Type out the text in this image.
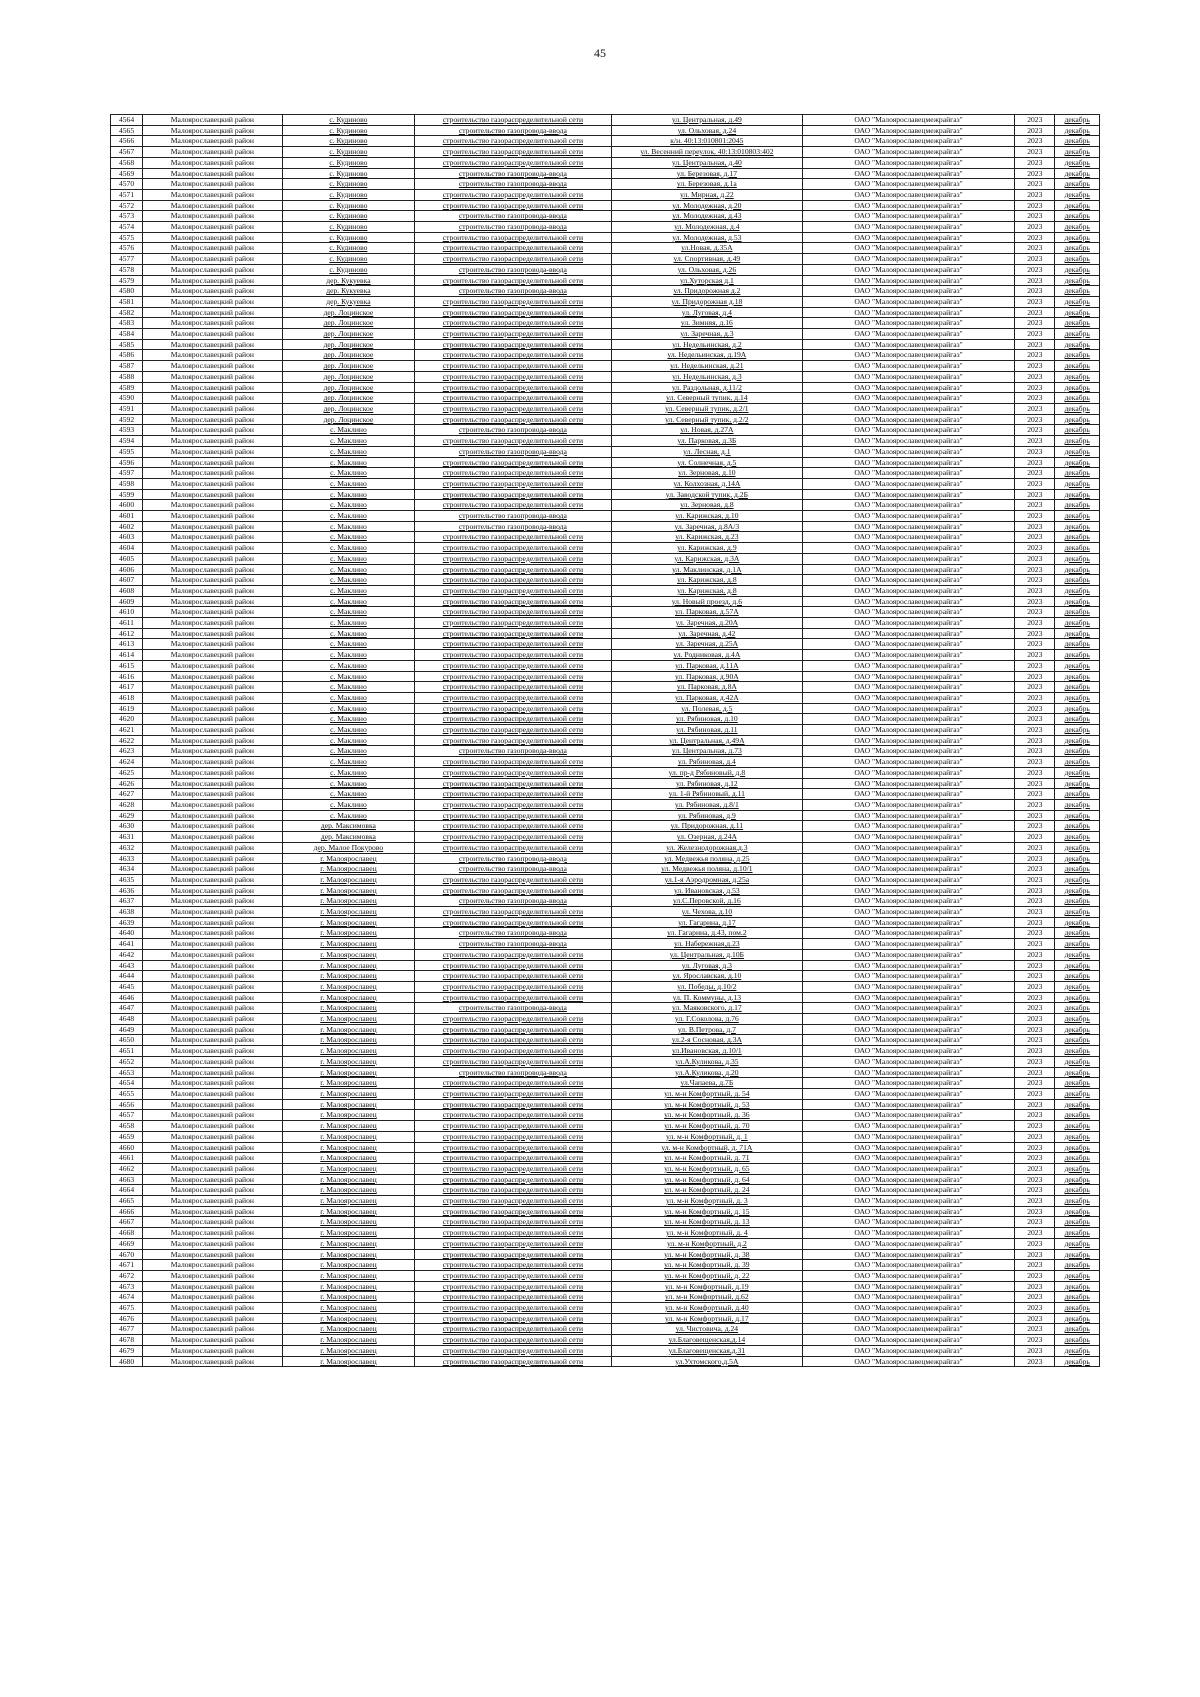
45
4564	Малоярославецкий район	с. Кудиново	строительство газораспределительной сети	ул. Центральная, д.49	ОАО "Малоярославецмежрайгаз"	2023	декабрь
4565	Малоярославецкий район	с. Кудиново	строительство газопровода-ввода	ул. Ольховая, д.24	ОАО "Малоярославецмежрайгаз"	2023	декабрь
4566	Малоярославецкий район	с. Кудиново	строительство газораспределительной сети	к/н. 40:13:010801:2045	ОАО "Малоярославецмежрайгаз"	2023	декабрь
4567	Малоярославецкий район	с. Кудиново	строительство газораспределительной сети	ул. Весенний переулок, 40:13:010803:402	ОАО "Малоярославецмежрайгаз"	2023	декабрь
4568	Малоярославецкий район	с. Кудиново	строительство газораспределительной сети	ул. Центральная, д.40	ОАО "Малоярославецмежрайгаз"	2023	декабрь
4569	Малоярославецкий район	с. Кудиново	строительство газопровода-ввода	ул. Березовая, д.17	ОАО "Малоярославецмежрайгаз"	2023	декабрь
4570	Малоярославецкий район	с. Кудиново	строительство газопровода-ввода	ул. Березовая, д.1а	ОАО "Малоярославецмежрайгаз"	2023	декабрь
4571	Малоярославецкий район	с. Кудиново	строительство газораспределительной сети	ул. Мирная, д.22	ОАО "Малоярославецмежрайгаз"	2023	декабрь
4572	Малоярославецкий район	с. Кудиново	строительство газораспределительной сети	ул. Молодежная, д.20	ОАО "Малоярославецмежрайгаз"	2023	декабрь
4573	Малоярославецкий район	с. Кудиново	строительство газопровода-ввода	ул. Молодежная, д.43	ОАО "Малоярославецмежрайгаз"	2023	декабрь
4574	Малоярославецкий район	с. Кудиново	строительство газопровода-ввода	ул. Молодежная, д.4	ОАО "Малоярославецмежрайгаз"	2023	декабрь
4575	Малоярославецкий район	с. Кудиново	строительство газораспределительной сети	ул. Молодежная, д.53	ОАО "Малоярославецмежрайгаз"	2023	декабрь
4576	Малоярославецкий район	с. Кудиново	строительство газораспределительной сети	ул.Новая, д.35А	ОАО "Малоярославецмежрайгаз"	2023	декабрь
4577	Малоярославецкий район	с. Кудиново	строительство газораспределительной сети	ул. Спортивная, д.49	ОАО "Малоярославецмежрайгаз"	2023	декабрь
4578	Малоярославецкий район	с. Кудиново	строительство газопровода-ввода	ул. Ольховая, д.26	ОАО "Малоярославецмежрайгаз"	2023	декабрь
4579	Малоярославецкий район	дер. Кукуевка	строительство газораспределительной сети	ул.Хуторская д.1	ОАО "Малоярославецмежрайгаз"	2023	декабрь
4580	Малоярославецкий район	дер. Кукуевка	строительство газопровода-ввода	ул. Придорожная д.2	ОАО "Малоярославецмежрайгаз"	2023	декабрь
4581	Малоярославецкий район	дер. Кукуевка	строительство газораспределительной сети	ул. Придорожная д.18	ОАО "Малоярославецмежрайгаз"	2023	декабрь
4582	Малоярославецкий район	дер. Лоцинское	строительство газораспределительной сети	ул. Луговая, д.4	ОАО "Малоярославецмежрайгаз"	2023	декабрь
4583	Малоярославецкий район	дер. Лоцинское	строительство газораспределительной сети	ул. Зимняя, д.16	ОАО "Малоярославецмежрайгаз"	2023	декабрь
4584	Малоярославецкий район	дер. Лоцинское	строительство газораспределительной сети	ул. Заречная, д.3	ОАО "Малоярославецмежрайгаз"	2023	декабрь
4585	Малоярославецкий район	дер. Лоцинское	строительство газораспределительной сети	ул. Недельинская, д.2	ОАО "Малоярославецмежрайгаз"	2023	декабрь
4586	Малоярославецкий район	дер. Лоцинское	строительство газораспределительной сети	ул. Недельинская, д.19А	ОАО "Малоярославецмежрайгаз"	2023	декабрь
4587	Малоярославецкий район	дер. Лоцинское	строительство газораспределительной сети	ул. Недельинская, д.21	ОАО "Малоярославецмежрайгаз"	2023	декабрь
4588	Малоярославецкий район	дер. Лоцинское	строительство газораспределительной сети	ул. Недельинская, д.3	ОАО "Малоярославецмежрайгаз"	2023	декабрь
4589	Малоярославецкий район	дер. Лоцинское	строительство газораспределительной сети	ул. Раздольная, д.11/2	ОАО "Малоярославецмежрайгаз"	2023	декабрь
4590	Малоярославецкий район	дер. Лоцинское	строительство газораспределительной сети	ул. Северный тупик, д.14	ОАО "Малоярославецмежрайгаз"	2023	декабрь
4591	Малоярославецкий район	дер. Лоцинское	строительство газораспределительной сети	ул. Северный тупик, д.2/1	ОАО "Малоярославецмежрайгаз"	2023	декабрь
4592	Малоярославецкий район	дер. Лоцинское	строительство газораспределительной сети	ул. Северный тупик, д.2/2	ОАО "Малоярославецмежрайгаз"	2023	декабрь
4593	Малоярославецкий район	с. Маклино	строительство газопровода-ввода	ул. Новая, д.27А	ОАО "Малоярославецмежрайгаз"	2023	декабрь
4594	Малоярославецкий район	с. Маклино	строительство газораспределительной сети	ул. Парковая, д.3Б	ОАО "Малоярославецмежрайгаз"	2023	декабрь
4595	Малоярославецкий район	с. Маклино	строительство газопровода-ввода	ул. Лесная, д.1	ОАО "Малоярославецмежрайгаз"	2023	декабрь
4596	Малоярославецкий район	с. Маклино	строительство газораспределительной сети	ул. Солнечная, д.5	ОАО "Малоярославецмежрайгаз"	2023	декабрь
4597	Малоярославецкий район	с. Маклино	строительство газораспределительной сети	ул. Зерновая, д.10	ОАО "Малоярославецмежрайгаз"	2023	декабрь
4598	Малоярославецкий район	с. Маклино	строительство газораспределительной сети	ул. Колхозная, д.14А	ОАО "Малоярославецмежрайгаз"	2023	декабрь
4599	Малоярославецкий район	с. Маклино	строительство газораспределительной сети	ул. Заводской тупик, д.2Б	ОАО "Малоярославецмежрайгаз"	2023	декабрь
4600	Малоярославецкий район	с. Маклино	строительство газораспределительной сети	ул. Зерновая, д.8	ОАО "Малоярославецмежрайгаз"	2023	декабрь
4601	Малоярославецкий район	с. Маклино	строительство газопровода-ввода	ул. Карижская, д.10	ОАО "Малоярославецмежрайгаз"	2023	декабрь
4602	Малоярославецкий район	с. Маклино	строительство газопровода-ввода	ул. Заречная, д.8А/3	ОАО "Малоярославецмежрайгаз"	2023	декабрь
4603	Малоярославецкий район	с. Маклино	строительство газораспределительной сети	ул. Карижская, д.23	ОАО "Малоярославецмежрайгаз"	2023	декабрь
4604	Малоярославецкий район	с. Маклино	строительство газораспределительной сети	ул. Карижская, д.9	ОАО "Малоярославецмежрайгаз"	2023	декабрь
4605	Малоярославецкий район	с. Маклино	строительство газораспределительной сети	ул. Карижская, д.3А	ОАО "Малоярославецмежрайгаз"	2023	декабрь
4606	Малоярославецкий район	с. Маклино	строительство газораспределительной сети	ул. Маклинская, д.1А	ОАО "Малоярославецмежрайгаз"	2023	декабрь
4607	Малоярославецкий район	с. Маклино	строительство газораспределительной сети	ул. Карижская, д.8	ОАО "Малоярославецмежрайгаз"	2023	декабрь
4608	Малоярославецкий район	с. Маклино	строительство газораспределительной сети	ул. Карижская, д.8	ОАО "Малоярославецмежрайгаз"	2023	декабрь
4609	Малоярославецкий район	с. Маклино	строительство газораспределительной сети	ул. Новый проезд, д.6	ОАО "Малоярославецмежрайгаз"	2023	декабрь
4610	Малоярославецкий район	с. Маклино	строительство газораспределительной сети	ул. Парковая, д.57А	ОАО "Малоярославецмежрайгаз"	2023	декабрь
4611	Малоярославецкий район	с. Маклино	строительство газораспределительной сети	ул. Заречная, д.20А	ОАО "Малоярославецмежрайгаз"	2023	декабрь
4612	Малоярославецкий район	с. Маклино	строительство газораспределительной сети	ул. Заречная, д.42	ОАО "Малоярославецмежрайгаз"	2023	декабрь
4613	Малоярославецкий район	с. Маклино	строительство газораспределительной сети	ул. Заречная, д.25А	ОАО "Малоярославецмежрайгаз"	2023	декабрь
4614	Малоярославецкий район	с. Маклино	строительство газораспределительной сети	ул. Родниковая, д.4А	ОАО "Малоярославецмежрайгаз"	2023	декабрь
4615	Малоярославецкий район	с. Маклино	строительство газораспределительной сети	ул. Парковая, д.11А	ОАО "Малоярославецмежрайгаз"	2023	декабрь
4616	Малоярославецкий район	с. Маклино	строительство газораспределительной сети	ул. Парковая, д.90А	ОАО "Малоярославецмежрайгаз"	2023	декабрь
4617	Малоярославецкий район	с. Маклино	строительство газораспределительной сети	ул. Парковая, д.8А	ОАО "Малоярославецмежрайгаз"	2023	декабрь
4618	Малоярославецкий район	с. Маклино	строительство газораспределительной сети	ул. Парковая, д.42А	ОАО "Малоярославецмежрайгаз"	2023	декабрь
4619	Малоярославецкий район	с. Маклино	строительство газораспределительной сети	ул. Полевая, д.5	ОАО "Малоярославецмежрайгаз"	2023	декабрь
4620	Малоярославецкий район	с. Маклино	строительство газораспределительной сети	ул. Рябиновая, д.10	ОАО "Малоярославецмежрайгаз"	2023	декабрь
4621	Малоярославецкий район	с. Маклино	строительство газораспределительной сети	ул. Рябиновая, д.11	ОАО "Малоярославецмежрайгаз"	2023	декабрь
4622	Малоярославецкий район	с. Маклино	строительство газораспределительной сети	ул. Центральная, д.49А	ОАО "Малоярославецмежрайгаз"	2023	декабрь
4623	Малоярославецкий район	с. Маклино	строительство газопровода-ввода	ул. Центральная, д.73	ОАО "Малоярославецмежрайгаз"	2023	декабрь
4624	Малоярославецкий район	с. Маклино	строительство газораспределительной сети	ул. Рябиновая, д.4	ОАО "Малоярославецмежрайгаз"	2023	декабрь
4625	Малоярославецкий район	с. Маклино	строительство газораспределительной сети	ул. пр-д Рябиновый, д.8	ОАО "Малоярославецмежрайгаз"	2023	декабрь
4626	Малоярославецкий район	с. Маклино	строительство газораспределительной сети	ул. Рябиновая, д.12	ОАО "Малоярославецмежрайгаз"	2023	декабрь
4627	Малоярославецкий район	с. Маклино	строительство газораспределительной сети	ул. 1-й Рябиновый, д.11	ОАО "Малоярославецмежрайгаз"	2023	декабрь
4628	Малоярославецкий район	с. Маклино	строительство газораспределительной сети	ул. Рябиновая, д.8/1	ОАО "Малоярославецмежрайгаз"	2023	декабрь
4629	Малоярославецкий район	с. Маклино	строительство газораспределительной сети	ул. Рябиновая, д.9	ОАО "Малоярославецмежрайгаз"	2023	декабрь
4630	Малоярославецкий район	дер. Максимовка	строительство газораспределительной сети	ул. Придорожная, д.11	ОАО "Малоярославецмежрайгаз"	2023	декабрь
4631	Малоярославецкий район	дер. Максимовка	строительство газораспределительной сети	ул. Озерная, д.24А	ОАО "Малоярославецмежрайгаз"	2023	декабрь
4632	Малоярославецкий район	дер. Малое Покурово	строительство газораспределительной сети	ул. Железнодорожная,д.3	ОАО "Малоярославецмежрайгаз"	2023	декабрь
4633	Малоярославецкий район	г. Малоярославец	строительство газопровода-ввода	ул. Медвежья поляна, д.25	ОАО "Малоярославецмежрайгаз"	2023	декабрь
4634	Малоярославецкий район	г. Малоярославец	строительство газопровода-ввода	ул. Медвежья поляна, д.10/1	ОАО "Малоярославецмежрайгаз"	2023	декабрь
4635	Малоярославецкий район	г. Малоярославец	строительство газораспределительной сети	ул.1-я Аэродромная, д.25а	ОАО "Малоярославецмежрайгаз"	2023	декабрь
4636	Малоярославецкий район	г. Малоярославец	строительство газораспределительной сети	ул. Ивановская, д.53	ОАО "Малоярославецмежрайгаз"	2023	декабрь
4637	Малоярославецкий район	г. Малоярославец	строительство газопровода-ввода	ул.С.Перовской, д.16	ОАО "Малоярославецмежрайгаз"	2023	декабрь
4638	Малоярославецкий район	г. Малоярославец	строительство газораспределительной сети	ул. Чехова, д.10	ОАО "Малоярославецмежрайгаз"	2023	декабрь
4639	Малоярославецкий район	г. Малоярославец	строительство газораспределительной сети	ул. Гагарина, д.17	ОАО "Малоярославецмежрайгаз"	2023	декабрь
4640	Малоярославецкий район	г. Малоярославец	строительство газопровода-ввода	ул. Гагарина, д.43, пом.2	ОАО "Малоярославецмежрайгаз"	2023	декабрь
4641	Малоярославецкий район	г. Малоярославец	строительство газопровода-ввода	ул. Набережная,д.23	ОАО "Малоярославецмежрайгаз"	2023	декабрь
4642	Малоярославецкий район	г. Малоярославец	строительство газораспределительной сети	ул. Центральная, д.10Б	ОАО "Малоярославецмежрайгаз"	2023	декабрь
4643	Малоярославецкий район	г. Малоярославец	строительство газораспределительной сети	ул. Луговая, д.3	ОАО "Малоярославецмежрайгаз"	2023	декабрь
4644	Малоярославецкий район	г. Малоярославец	строительство газораспределительной сети	ул. Ярославская, д.10	ОАО "Малоярославецмежрайгаз"	2023	декабрь
4645	Малоярославецкий район	г. Малоярославец	строительство газораспределительной сети	ул. Победы, д.10/2	ОАО "Малоярославецмежрайгаз"	2023	декабрь
4646	Малоярославецкий район	г. Малоярославец	строительство газораспределительной сети	ул. П. Коммуны, д.13	ОАО "Малоярославецмежрайгаз"	2023	декабрь
4647	Малоярославецкий район	г. Малоярославец	строительство газопровода-ввода	ул. Маяковского, д.17	ОАО "Малоярославецмежрайгаз"	2023	декабрь
4648	Малоярославецкий район	г. Малоярославец	строительство газораспределительной сети	ул. Г.Соколова, д.76	ОАО "Малоярославецмежрайгаз"	2023	декабрь
4649	Малоярославецкий район	г. Малоярославец	строительство газораспределительной сети	ул. В.Петрова, д.7	ОАО "Малоярославецмежрайгаз"	2023	декабрь
4650	Малоярославецкий район	г. Малоярославец	строительство газораспределительной сети	ул.2-я Сосновая, д.3А	ОАО "Малоярославецмежрайгаз"	2023	декабрь
4651	Малоярославецкий район	г. Малоярославец	строительство газораспределительной сети	ул.Ивановская, д.10/1	ОАО "Малоярославецмежрайгаз"	2023	декабрь
4652	Малоярославецкий район	г. Малоярославец	строительство газораспределительной сети	ул.А.Куликова, д.35	ОАО "Малоярославецмежрайгаз"	2023	декабрь
4653	Малоярославецкий район	г. Малоярославец	строительство газопровода-ввода	ул.А.Куликова, д.20	ОАО "Малоярославецмежрайгаз"	2023	декабрь
4654	Малоярославецкий район	г. Малоярославец	строительство газораспределительной сети	ул.Чапаева, д.7Б	ОАО "Малоярославецмежрайгаз"	2023	декабрь
4655	Малоярославецкий район	г. Малоярославец	строительство газораспределительной сети	ул. м-н Комфортный, д. 54	ОАО "Малоярославецмежрайгаз"	2023	декабрь
4656	Малоярославецкий район	г. Малоярославец	строительство газораспределительной сети	ул. м-н Комфортный, д. 53	ОАО "Малоярославецмежрайгаз"	2023	декабрь
4657	Малоярославецкий район	г. Малоярославец	строительство газораспределительной сети	ул. м-н Комфортный, д. 36	ОАО "Малоярославецмежрайгаз"	2023	декабрь
4658	Малоярославецкий район	г. Малоярославец	строительство газораспределительной сети	ул. м-н Комфортный, д. 70	ОАО "Малоярославецмежрайгаз"	2023	декабрь
4659	Малоярославецкий район	г. Малоярославец	строительство газораспределительной сети	ул. м-н Комфортный, д. 1	ОАО "Малоярославецмежрайгаз"	2023	декабрь
4660	Малоярославецкий район	г. Малоярославец	строительство газораспределительной сети	ул. м-н Комфортный, д. 71А	ОАО "Малоярославецмежрайгаз"	2023	декабрь
4661	Малоярославецкий район	г. Малоярославец	строительство газораспределительной сети	ул. м-н Комфортный, д. 71	ОАО "Малоярославецмежрайгаз"	2023	декабрь
4662	Малоярославецкий район	г. Малоярославец	строительство газораспределительной сети	ул. м-н Комфортный, д. 65	ОАО "Малоярославецмежрайгаз"	2023	декабрь
4663	Малоярославецкий район	г. Малоярославец	строительство газораспределительной сети	ул. м-н Комфортный, д. 64	ОАО "Малоярославецмежрайгаз"	2023	декабрь
4664	Малоярославецкий район	г. Малоярославец	строительство газораспределительной сети	ул. м-н Комфортный, д. 24	ОАО "Малоярославецмежрайгаз"	2023	декабрь
4665	Малоярославецкий район	г. Малоярославец	строительство газораспределительной сети	ул. м-н Комфортный, д. 3	ОАО "Малоярославецмежрайгаз"	2023	декабрь
4666	Малоярославецкий район	г. Малоярославец	строительство газораспределительной сети	ул. м-н Комфортный, д. 15	ОАО "Малоярославецмежрайгаз"	2023	декабрь
4667	Малоярославецкий район	г. Малоярославец	строительство газораспределительной сети	ул. м-н Комфортный, д. 13	ОАО "Малоярославецмежрайгаз"	2023	декабрь
4668	Малоярославецкий район	г. Малоярославец	строительство газораспределительной сети	ул. м-н Комфортный, д. 4	ОАО "Малоярославецмежрайгаз"	2023	декабрь
4669	Малоярославецкий район	г. Малоярославец	строительство газораспределительной сети	ул. м-н Комфортный, д.2	ОАО "Малоярославецмежрайгаз"	2023	декабрь
4670	Малоярославецкий район	г. Малоярославец	строительство газораспределительной сети	ул. м-н Комфортный, д. 38	ОАО "Малоярославецмежрайгаз"	2023	декабрь
4671	Малоярославецкий район	г. Малоярославец	строительство газораспределительной сети	ул. м-н Комфортный, д. 39	ОАО "Малоярославецмежрайгаз"	2023	декабрь
4672	Малоярославецкий район	г. Малоярославец	строительство газораспределительной сети	ул. м-н Комфортный, д. 22	ОАО "Малоярославецмежрайгаз"	2023	декабрь
4673	Малоярославецкий район	г. Малоярославец	строительство газораспределительной сети	ул. м-н Комфортный, д.19	ОАО "Малоярославецмежрайгаз"	2023	декабрь
4674	Малоярославецкий район	г. Малоярославец	строительство газораспределительной сети	ул. м-н Комфортный, д.62	ОАО "Малоярославецмежрайгаз"	2023	декабрь
4675	Малоярославецкий район	г. Малоярославец	строительство газораспределительной сети	ул. м-н Комфортный, д.40	ОАО "Малоярославецмежрайгаз"	2023	декабрь
4676	Малоярославецкий район	г. Малоярославец	строительство газораспределительной сети	ул. м-н Комфортный, д.17	ОАО "Малоярославецмежрайгаз"	2023	декабрь
4677	Малоярославецкий район	г. Малоярославец	строительство газораспределительной сети	ул. Чистовича, д.24	ОАО "Малоярославецмежрайгаз"	2023	декабрь
4678	Малоярославецкий район	г. Малоярославец	строительство газораспределительной сети	ул.Благовещенская,д.14	ОАО "Малоярославецмежрайгаз"	2023	декабрь
4679	Малоярославецкий район	г. Малоярославец	строительство газораспределительной сети	ул.Благовещенская,д.31	ОАО "Малоярославецмежрайгаз"	2023	декабрь
4680	Малоярославецкий район	г. Малоярославец	строительство газораспределительной сети	ул.Ухтомского,д.5А	ОАО "Малоярославецмежрайгаз"	2023	декабрь
